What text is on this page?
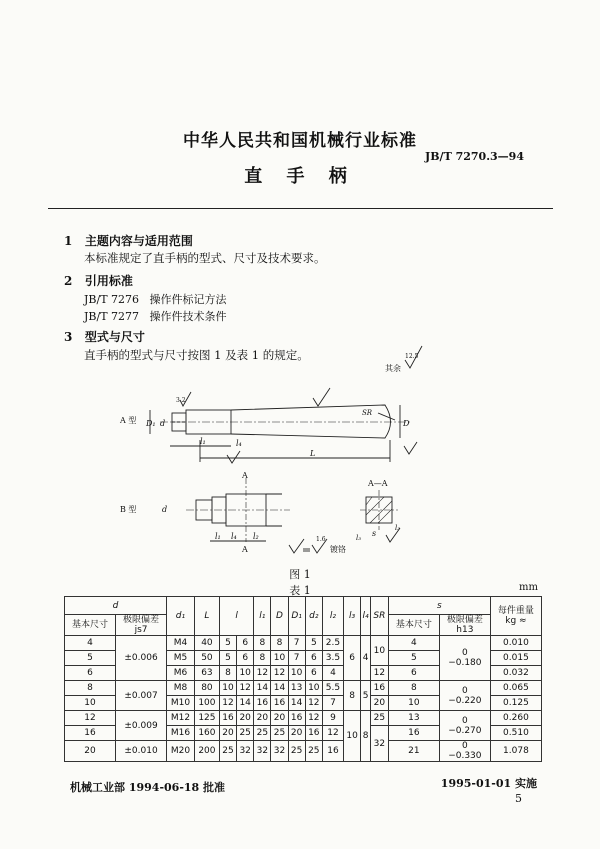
中华人民共和国机械行业标准
JB/T 7270.3—94
直 手 柄
1 主题内容与适用范围
本标准规定了直手柄的型式、尺寸及技术要求。
2 引用标准
JB/T 7276 操作件标记方法
JB/T 7277 操作件技术条件
3 型式与尺寸
直手柄的型式与尺寸按图 1 及表 1 的规定。
其余
12.5
A 型
B 型
3.2
L
SR
D
D₁ d
l₁	l₄
d
l₁ l₄ l₂
A
A
A—A
s
l₃
l₃
1.6
镀铬
图 1
表 1	mm
d		d₁	L	l		l₁	D	D₁	d₂	l₂	l₃	l₄	SR	s		每件重量
kg ≈
基本尺寸	极限偏差
js7													基本尺寸	极限偏差
h13	
4	±0.006	M4	40	5	6	8	8	7	5	2.5	6	4	10	4	0
−0.180	0.010
5		M5	50	5	6	8	10	7	6	3.5				5		0.015
6		M6	63	8	10	12	12	10	6	4			12	6		0.032
8	±0.007	M8	80	10	12	14	14	13	10	5.5	8	5	16	8	0
−0.220	0.065
10		M10	100	12	14	16	16	14	12	7			20	10		0.125
12	±0.009	M12	125	16	20	20	20	16	12	9	10	8	25	13	0
−0.270	0.260
16		M16	160	20	25	25	25	20	16	12			32	16		0.510
20	±0.010	M20	200	25	32	32	32	25	25	16				21	0
−0.330	1.078
机械工业部 1994-06-18 批准	1995-01-01 实施
5
